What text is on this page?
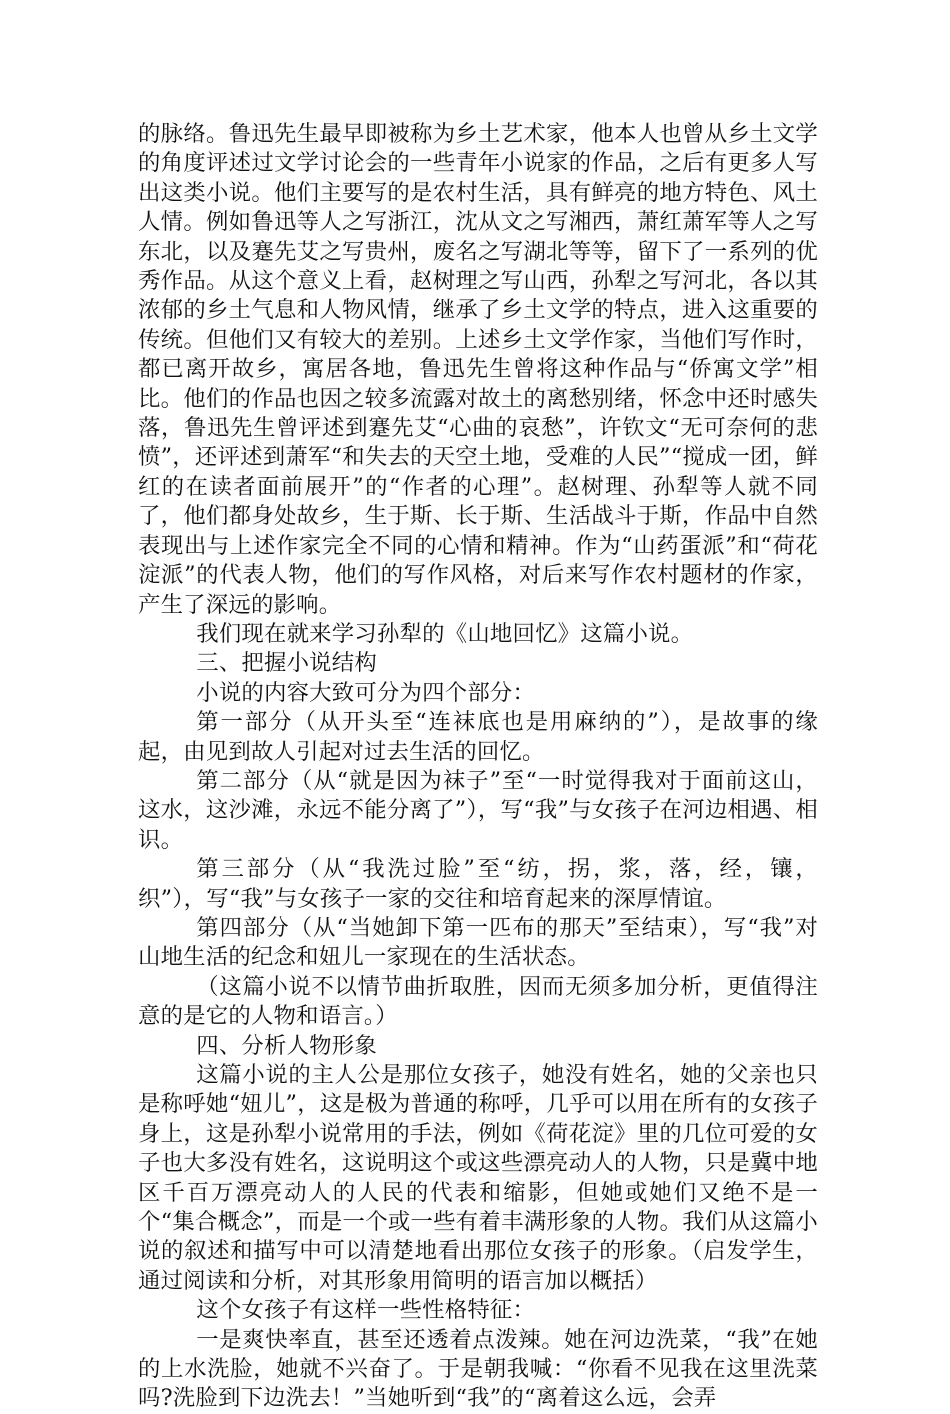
的脉络。鲁迅先生最早即被称为乡土艺术家，他本人也曾从乡土文学的角度评述过文学讨论会的一些青年小说家的作品，之后有更多人写出这类小说。他们主要写的是农村生活，具有鲜亮的地方特色、风土人情。例如鲁迅等人之写浙江，沈从文之写湘西，萧红萧军等人之写东北，以及蹇先艾之写贵州，废名之写湖北等等，留下了一系列的优秀作品。从这个意义上看，赵树理之写山西，孙犁之写河北，各以其浓郁的乡土气息和人物风情，继承了乡土文学的特点，进入这重要的传统。但他们又有较大的差别。上述乡土文学作家，当他们写作时，都已离开故乡，寓居各地，鲁迅先生曾将这种作品与“侨寓文学”相比。他们的作品也因之较多流露对故土的离愁别绪，怀念中还时感失落，鲁迅先生曾评述到蹇先艾“心曲的哀愁”，许钦文“无可奈何的悲愤”，还评述到萧军“和失去的天空土地，受难的人民”“搅成一团，鲜红的在读者面前展开”的“作者的心理”。赵树理、孙犁等人就不同了，他们都身处故乡，生于斯、长于斯、生活战斗于斯，作品中自然表现出与上述作家完全不同的心情和精神。作为“山药蛋派”和“荷花淀派”的代表人物，他们的写作风格，对后来写作农村题材的作家，产生了深远的影响。

我们现在就来学习孙犁的《山地回忆》这篇小说。

三、把握小说结构

小说的内容大致可分为四个部分：

第一部分（从开头至“连袜底也是用麻纳的”），是故事的缘起，由见到故人引起对过去生活的回忆。

第二部分（从“就是因为袜子”至“一时觉得我对于面前这山，这水，这沙滩，永远不能分离了”），写“我”与女孩子在河边相遇、相识。

第三部分（从“我洗过脸”至“纺，拐，浆，落，经，镶，织”），写“我”与女孩子一家的交往和培育起来的深厚情谊。

第四部分（从“当她卸下第一匹布的那天”至结束），写“我”对山地生活的纪念和妞儿一家现在的生活状态。

（这篇小说不以情节曲折取胜，因而无须多加分析，更值得注意的是它的人物和语言。）

四、分析人物形象

这篇小说的主人公是那位女孩子，她没有姓名，她的父亲也只是称呼她“妞儿”，这是极为普通的称呼，几乎可以用在所有的女孩子身上，这是孙犁小说常用的手法，例如《荷花淀》里的几位可爱的女子也大多没有姓名，这说明这个或这些漂亮动人的人物，只是冀中地区千百万漂亮动人的人民的代表和缩影，但她或她们又绝不是一个“集合概念”，而是一个或一些有着丰满形象的人物。我们从这篇小说的叙述和描写中可以清楚地看出那位女孩子的形象。（启发学生，通过阅读和分析，对其形象用简明的语言加以概括）

这个女孩子有这样一些性格特征：

一是爽快率直，甚至还透着点泼辣。她在河边洗菜，“我”在她的上水洗脸，她就不兴奋了。于是朝我喊：“你看不见我在这里洗菜吗?洗脸到下边洗去！”当她听到“我”的“离着这么远，会弄
